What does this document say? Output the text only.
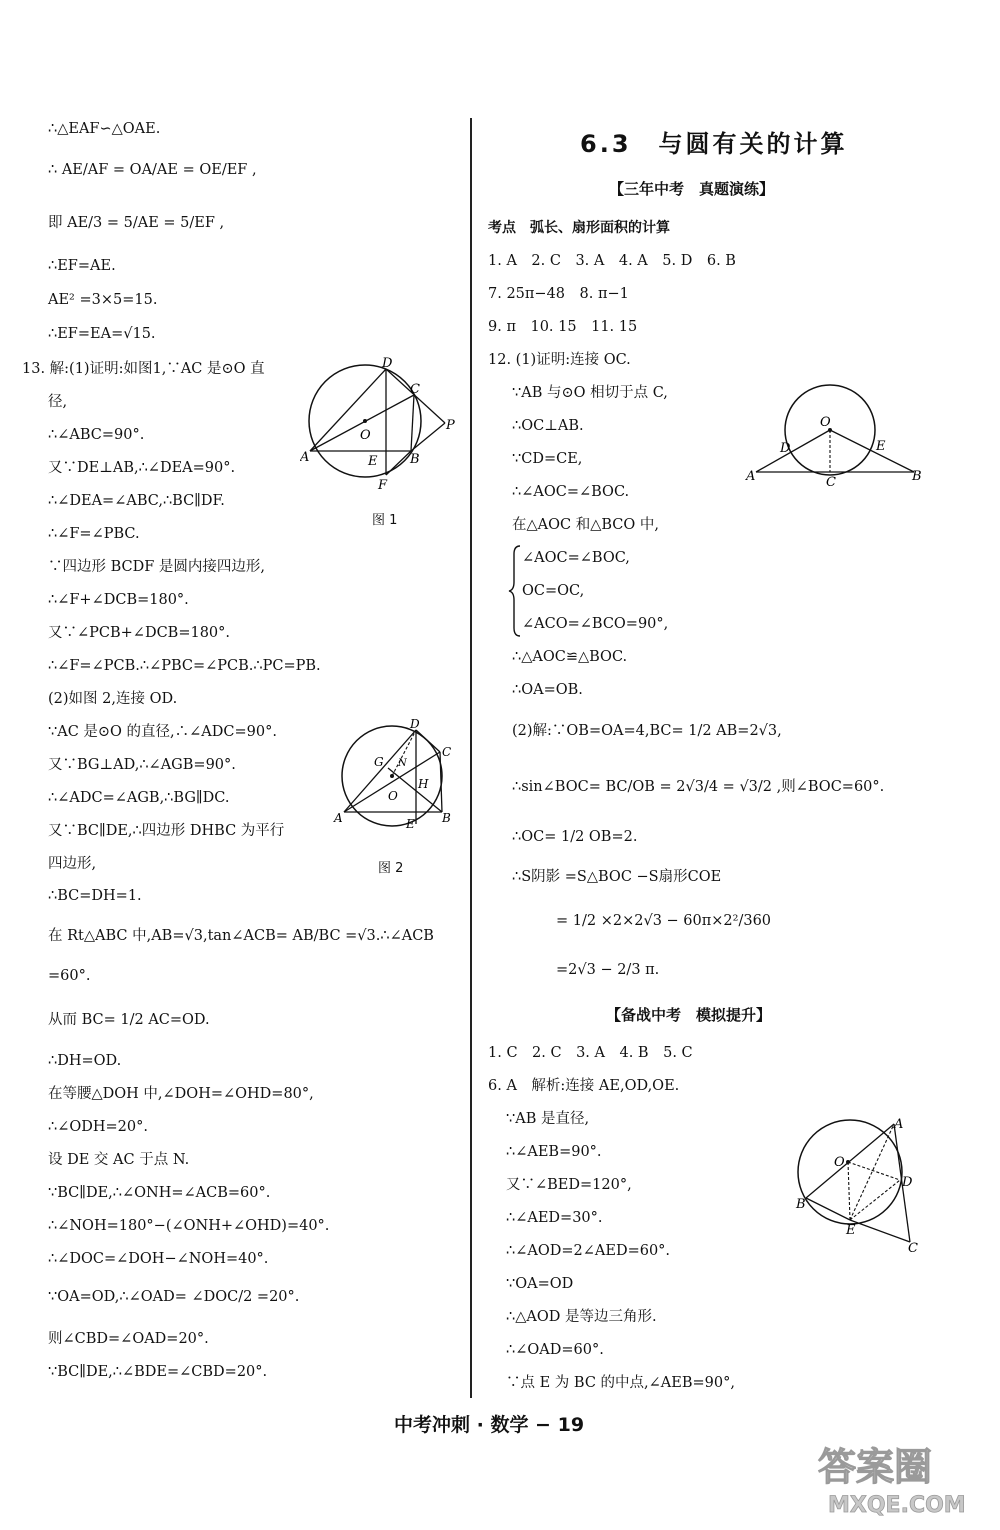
6.3　与圆有关的计算
【三年中考　真题演练】
考点　弧长、扇形面积的计算
【备战中考　模拟提升】
D
C
O
P
A	E	B
F
图 1
D
C
G N
H
O
A	E B
图 2
O
D	E
A	C	B
A
O
D
B
E
C
中考冲刺 · 数学 − 19
答案圈
MXQE.COM
∴△EAF∽△OAE.
∴ AE/AF = OA/AE = OE/EF ,
即 AE/3 = 5/AE = 5/EF ,
∴EF=AE.
AE² =3×5=15.
∴EF=EA=√15.
13. 解:(1)证明:如图1,∵AC 是⊙O 直
径,
∴∠ABC=90°.
又∵DE⊥AB,∴∠DEA=90°.
∴∠DEA=∠ABC,∴BC∥DF.
∴∠F=∠PBC.
∵四边形 BCDF 是圆内接四边形,
∴∠F+∠DCB=180°.
又∵∠PCB+∠DCB=180°.
∴∠F=∠PCB.∴∠PBC=∠PCB.∴PC=PB.
(2)如图 2,连接 OD.
∵AC 是⊙O 的直径,∴∠ADC=90°.
又∵BG⊥AD,∴∠AGB=90°.
∴∠ADC=∠AGB,∴BG∥DC.
又∵BC∥DE,∴四边形 DHBC 为平行
四边形,
∴BC=DH=1.
在 Rt△ABC 中,AB=√3,tan∠ACB= AB/BC =√3.∴∠ACB
=60°.
从而 BC= 1/2 AC=OD.
∴DH=OD.
在等腰△DOH 中,∠DOH=∠OHD=80°,
∴∠ODH=20°.
设 DE 交 AC 于点 N.
∵BC∥DE,∴∠ONH=∠ACB=60°.
∴∠NOH=180°−(∠ONH+∠OHD)=40°.
∴∠DOC=∠DOH−∠NOH=40°.
∵OA=OD,∴∠OAD= ∠DOC/2 =20°.
则∠CBD=∠OAD=20°.
∵BC∥DE,∴∠BDE=∠CBD=20°.
1. A　2. C　3. A　4. A　5. D　6. B
7. 25π−48　8. π−1
9. π　10. 15　11. 15
12. (1)证明:连接 OC.
∵AB 与⊙O 相切于点 C,
∴OC⊥AB.
∵CD=CE,
∴∠AOC=∠BOC.
在△AOC 和△BCO 中,
∠AOC=∠BOC,
OC=OC,
∠ACO=∠BCO=90°,
∴△AOC≌△BOC.
∴OA=OB.
(2)解:∵OB=OA=4,BC= 1/2 AB=2√3,
∴sin∠BOC= BC/OB = 2√3/4 = √3/2 ,则∠BOC=60°.
∴OC= 1/2 OB=2.
∴S阴影 =S△BOC −S扇形COE
= 1/2 ×2×2√3 − 60π×2²/360
=2√3 − 2/3 π.
1. C　2. C　3. A　4. B　5. C
6. A　解析:连接 AE,OD,OE.
∵AB 是直径,
∴∠AEB=90°.
又∵∠BED=120°,
∴∠AED=30°.
∴∠AOD=2∠AED=60°.
∵OA=OD
∴△AOD 是等边三角形.
∴∠OAD=60°.
∵点 E 为 BC 的中点,∠AEB=90°,
